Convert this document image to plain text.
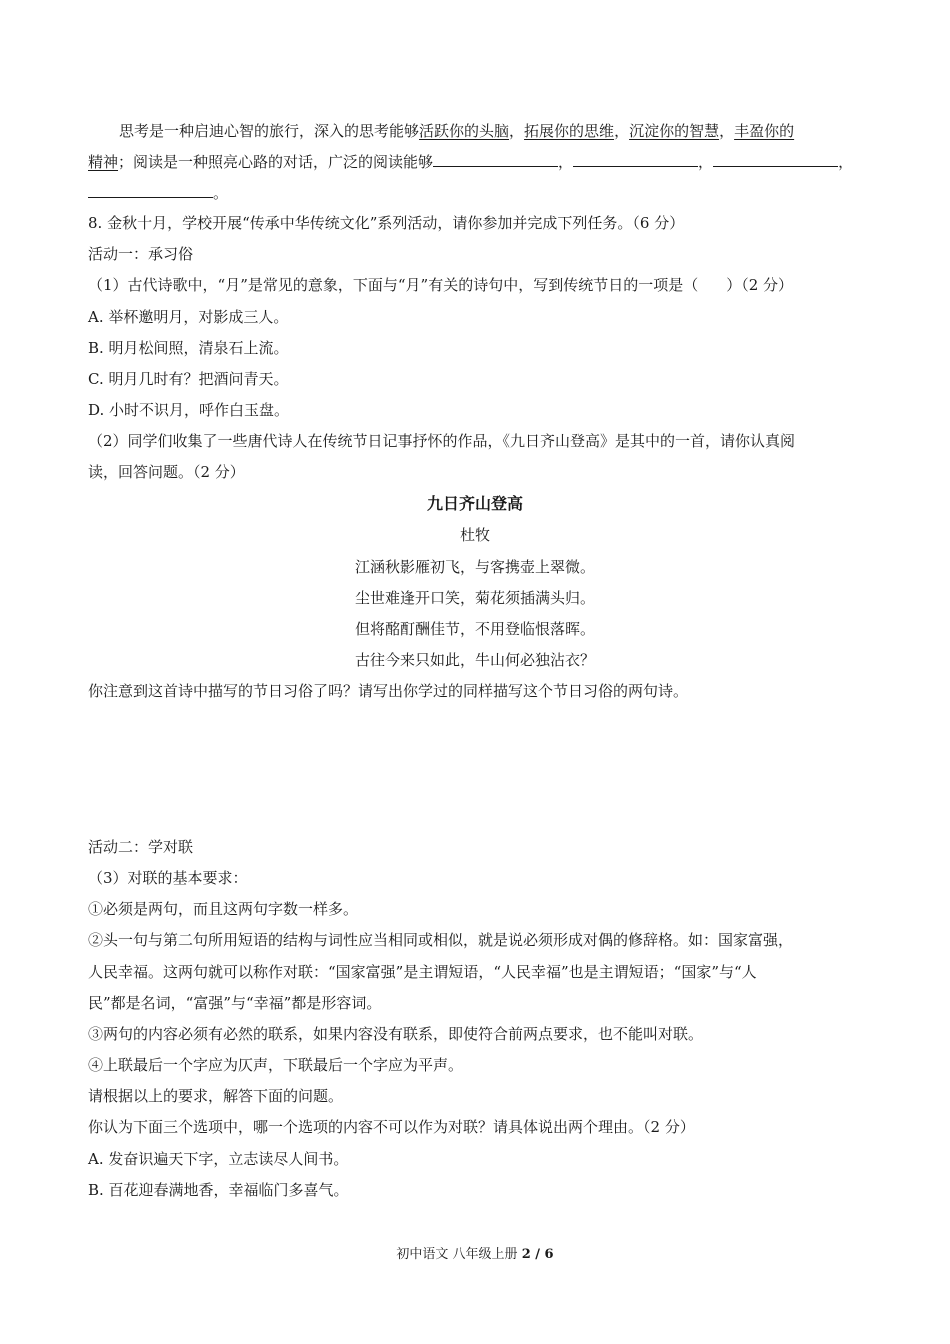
思考是一种启迪心智的旅行，深入的思考能够活跃你的头脑，拓展你的思维，沉淀你的智慧，丰盈你的
精神；阅读是一种照亮心路的对话，广泛的阅读能够	，	，	，
。
8. 金秋十月，学校开展“传承中华传统文化”系列活动，请你参加并完成下列任务。（6 分）
活动一：承习俗
（1）古代诗歌中，“月”是常见的意象，下面与“月”有关的诗句中，写到传统节日的一项是（ ）（2 分）
A. 举杯邀明月，对影成三人。
B. 明月松间照，清泉石上流。
C. 明月几时有？把酒问青天。
D. 小时不识月，呼作白玉盘。
（2）同学们收集了一些唐代诗人在传统节日记事抒怀的作品，《九日齐山登高》是其中的一首，请你认真阅
读，回答问题。（2 分）
九日齐山登高
杜牧
江涵秋影雁初飞，与客携壶上翠微。
尘世难逢开口笑，菊花须插满头归。
但将酩酊酬佳节，不用登临恨落晖。
古往今来只如此，牛山何必独沾衣？
你注意到这首诗中描写的节日习俗了吗？请写出你学过的同样描写这个节日习俗的两句诗。
活动二：学对联
（3）对联的基本要求：
①必须是两句，而且这两句字数一样多。
②头一句与第二句所用短语的结构与词性应当相同或相似，就是说必须形成对偶的修辞格。如：国家富强，
人民幸福。这两句就可以称作对联：“国家富强”是主谓短语，“人民幸福”也是主谓短语；“国家”与“人
民”都是名词，“富强”与“幸福”都是形容词。
③两句的内容必须有必然的联系，如果内容没有联系，即使符合前两点要求，也不能叫对联。
④上联最后一个字应为仄声，下联最后一个字应为平声。
请根据以上的要求，解答下面的问题。
你认为下面三个选项中，哪一个选项的内容不可以作为对联？请具体说出两个理由。（2 分）
A. 发奋识遍天下字，立志读尽人间书。
B. 百花迎春满地香，幸福临门多喜气。
初中语文 八年级上册 2 / 6
